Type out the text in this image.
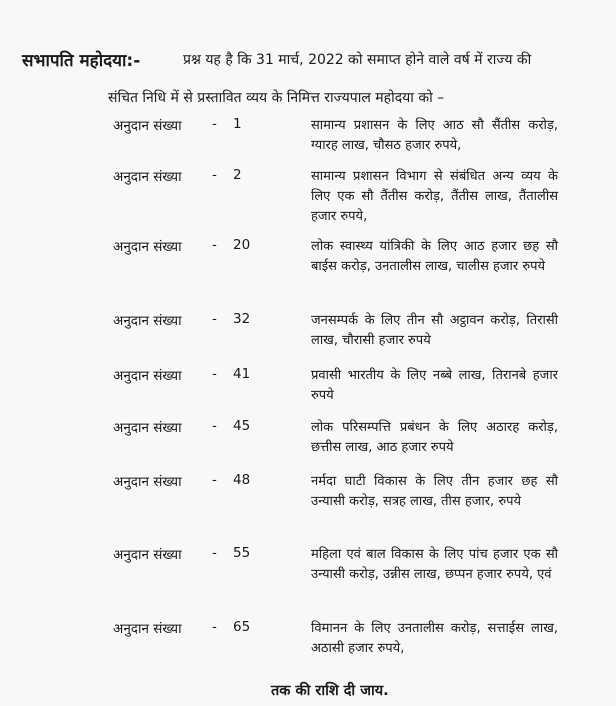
सभापति महोदया:-	प्रश्न यह है कि 31 मार्च, 2022 को समाप्त होने वाले वर्ष में राज्य की
संचित निधि में से प्रस्तावित व्यय के निमित्त राज्यपाल महोदया को –
अनुदान संख्या - 1	सामान्य प्रशासन के लिए आठ सौ सैंतीस करोड़, ग्यारह लाख, चौसठ हजार रुपये,
अनुदान संख्या - 2	सामान्य प्रशासन विभाग से संबंधित अन्य व्यय के लिए एक सौ तैंतीस करोड़, तैंतीस लाख, तैंतालीस हजार रुपये,
अनुदान संख्या - 20	लोक स्वास्थ्य यांत्रिकी के लिए आठ हजार छह सौ बाईस करोड़, उनतालीस लाख, चालीस हजार रुपये
अनुदान संख्या - 32	जनसम्पर्क के लिए तीन सौ अट्ठावन करोड़, तिरासी लाख, चौरासी हजार रुपये
अनुदान संख्या - 41	प्रवासी भारतीय के लिए नब्बे लाख, तिरानबे हजार रुपये
अनुदान संख्या - 45	लोक परिसम्पत्ति प्रबंधन के लिए अठारह करोड़, छत्तीस लाख, आठ हजार रुपये
अनुदान संख्या - 48	नर्मदा घाटी विकास के लिए तीन हजार छह सौ उन्यासी करोड़, सत्रह लाख, तीस हजार, रुपये
अनुदान संख्या - 55	महिला एवं बाल विकास के लिए पांच हजार एक सौ उन्यासी करोड़, उन्नीस लाख, छप्पन हजार रुपये, एवं
अनुदान संख्या - 65	विमानन के लिए उनतालीस करोड़, सत्ताईस लाख, अठासी हजार रुपये,
तक की राशि दी जाय.
